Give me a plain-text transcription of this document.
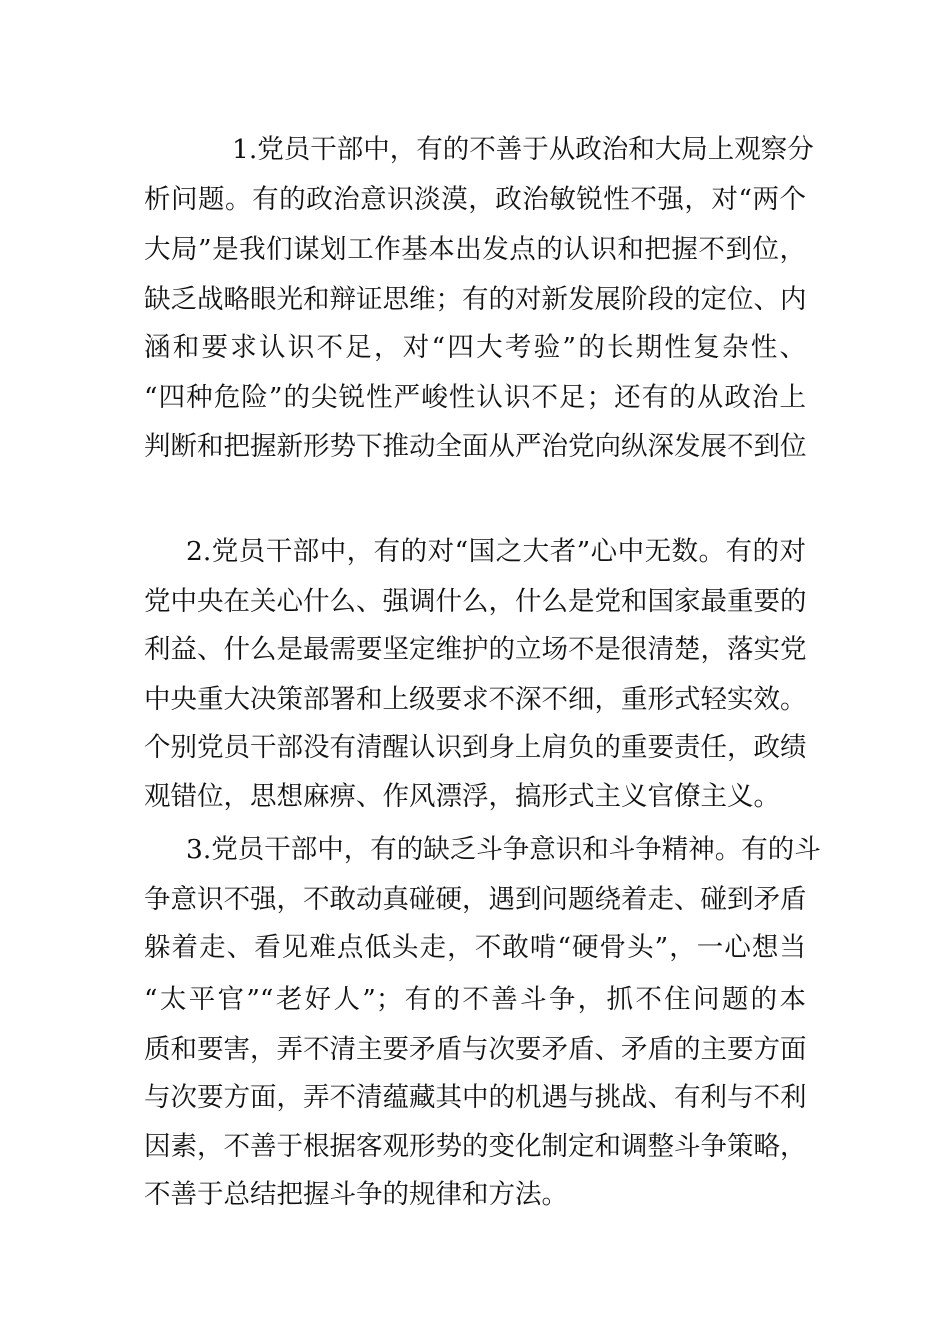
1.党员干部中，有的不善于从政治和大局上观察分
析问题。有的政治意识淡漠，政治敏锐性不强，对“两个
大局”是我们谋划工作基本出发点的认识和把握不到位，
缺乏战略眼光和辩证思维；有的对新发展阶段的定位、内
涵和要求认识不足，对“四大考验”的长期性复杂性、
“四种危险”的尖锐性严峻性认识不足；还有的从政治上
判断和把握新形势下推动全面从严治党向纵深发展不到位
2.党员干部中，有的对“国之大者”心中无数。有的对
党中央在关心什么、强调什么，什么是党和国家最重要的
利益、什么是最需要坚定维护的立场不是很清楚，落实党
中央重大决策部署和上级要求不深不细，重形式轻实效。
个别党员干部没有清醒认识到身上肩负的重要责任，政绩
观错位，思想麻痹、作风漂浮，搞形式主义官僚主义。
3.党员干部中，有的缺乏斗争意识和斗争精神。有的斗
争意识不强，不敢动真碰硬，遇到问题绕着走、碰到矛盾
躲着走、看见难点低头走，不敢啃“硬骨头”，一心想当
“太平官”“老好人”；有的不善斗争，抓不住问题的本
质和要害，弄不清主要矛盾与次要矛盾、矛盾的主要方面
与次要方面，弄不清蕴藏其中的机遇与挑战、有利与不利
因素，不善于根据客观形势的变化制定和调整斗争策略，
不善于总结把握斗争的规律和方法。
